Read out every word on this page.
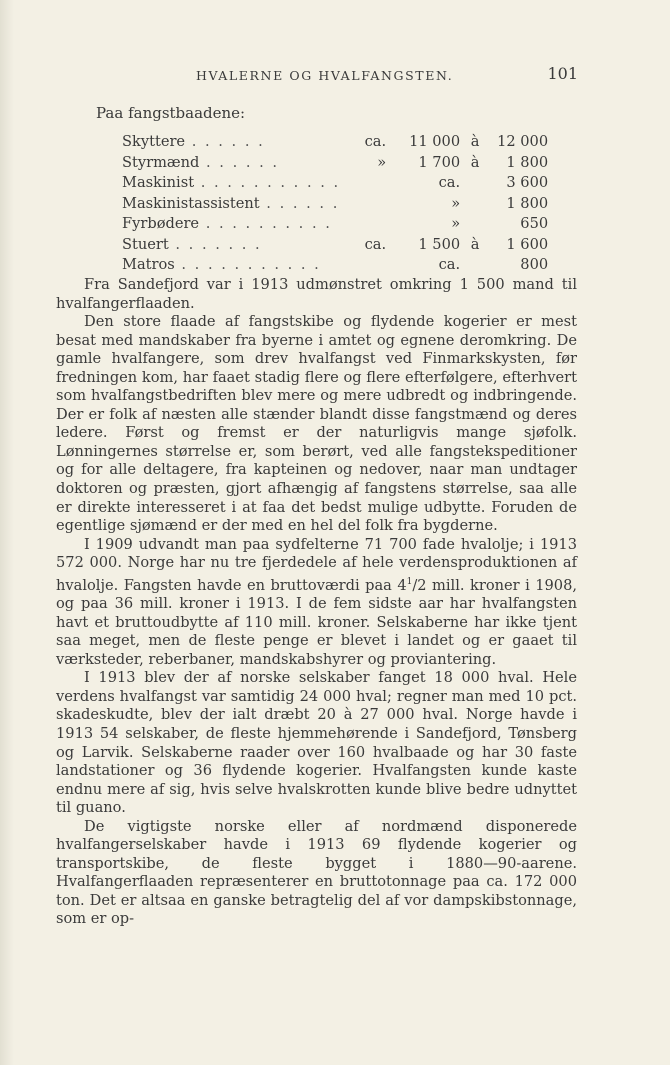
HVALERNE OG HVALFANGSTEN.	101
Paa fangstbaadene:
Skyttere . . . . . .	ca.	11 000	à	12 000
Styrmænd . . . . . .	»	1 700	à	1 800
Maskinist . . . . . . . . . . .		ca.		3 600
Maskinistassistent . . . . . .		»		1 800
Fyrbødere . . . . . . . . . .		»		650
Stuert . . . . . . .	ca.	1 500	à	1 600
Matros . . . . . . . . . . .		ca.		800

Fra Sandefjord var i 1913 udmønstret omkring 1 500 mand til hvalfangerflaaden.

Den store flaade af fangstskibe og flydende kogerier er mest besat med mandskaber fra byerne i amtet og egnene deromkring. De gamle hvalfangere, som drev hvalfangst ved Finmarkskysten, før fredningen kom, har faaet stadig flere og flere efterfølgere, efterhvert som hvalfangstbedriften blev mere og mere udbredt og indbringende. Der er folk af næsten alle stænder blandt disse fangstmænd og deres ledere. Først og fremst er der naturligvis mange sjøfolk. Lønningernes størrelse er, som berørt, ved alle fangstekspeditioner og for alle deltagere, fra kapteinen og nedover, naar man undtager doktoren og præsten, gjort afhængig af fangstens størrelse, saa alle er direkte interesseret i at faa det bedst mulige udbytte. Foruden de egentlige sjømænd er der med en hel del folk fra bygderne.

I 1909 udvandt man paa sydfelterne 71 700 fade hvalolje; i 1913 572 000. Norge har nu tre fjerdedele af hele verdensproduktionen af hvalolje. Fangsten havde en bruttoværdi paa $4^1/2$ mill. kroner i 1908, og paa 36 mill. kroner i 1913. I de fem sidste aar har hvalfangsten havt et bruttoudbytte af 110 mill. kroner. Selskaberne har ikke tjent saa meget, men de fleste penge er blevet i landet og er gaaet til værksteder, reberbaner, mandskabshyrer og proviantering.

I 1913 blev der af norske selskaber fanget 18 000 hval. Hele verdens hvalfangst var samtidig 24 000 hval; regner man med 10 pct. skadeskudte, blev der ialt dræbt 20 à 27 000 hval. Norge havde i 1913 54 selskaber, de fleste hjemmehørende i Sandefjord, Tønsberg og Larvik. Selskaberne raader over 160 hvalbaade og har 30 faste landstationer og 36 flydende kogerier. Hvalfangsten kunde kaste endnu mere af sig, hvis selve hvalskrotten kunde blive bedre udnyttet til guano.

De vigtigste norske eller af nordmænd disponerede hvalfangerselskaber havde i 1913 69 flydende kogerier og transportskibe, de fleste bygget i 1880—90-aarene. Hvalfangerflaaden repræsenterer en bruttotonnage paa ca. 172 000 ton. Det er altsaa en ganske betragtelig del af vor dampskibstonnage, som er op-
